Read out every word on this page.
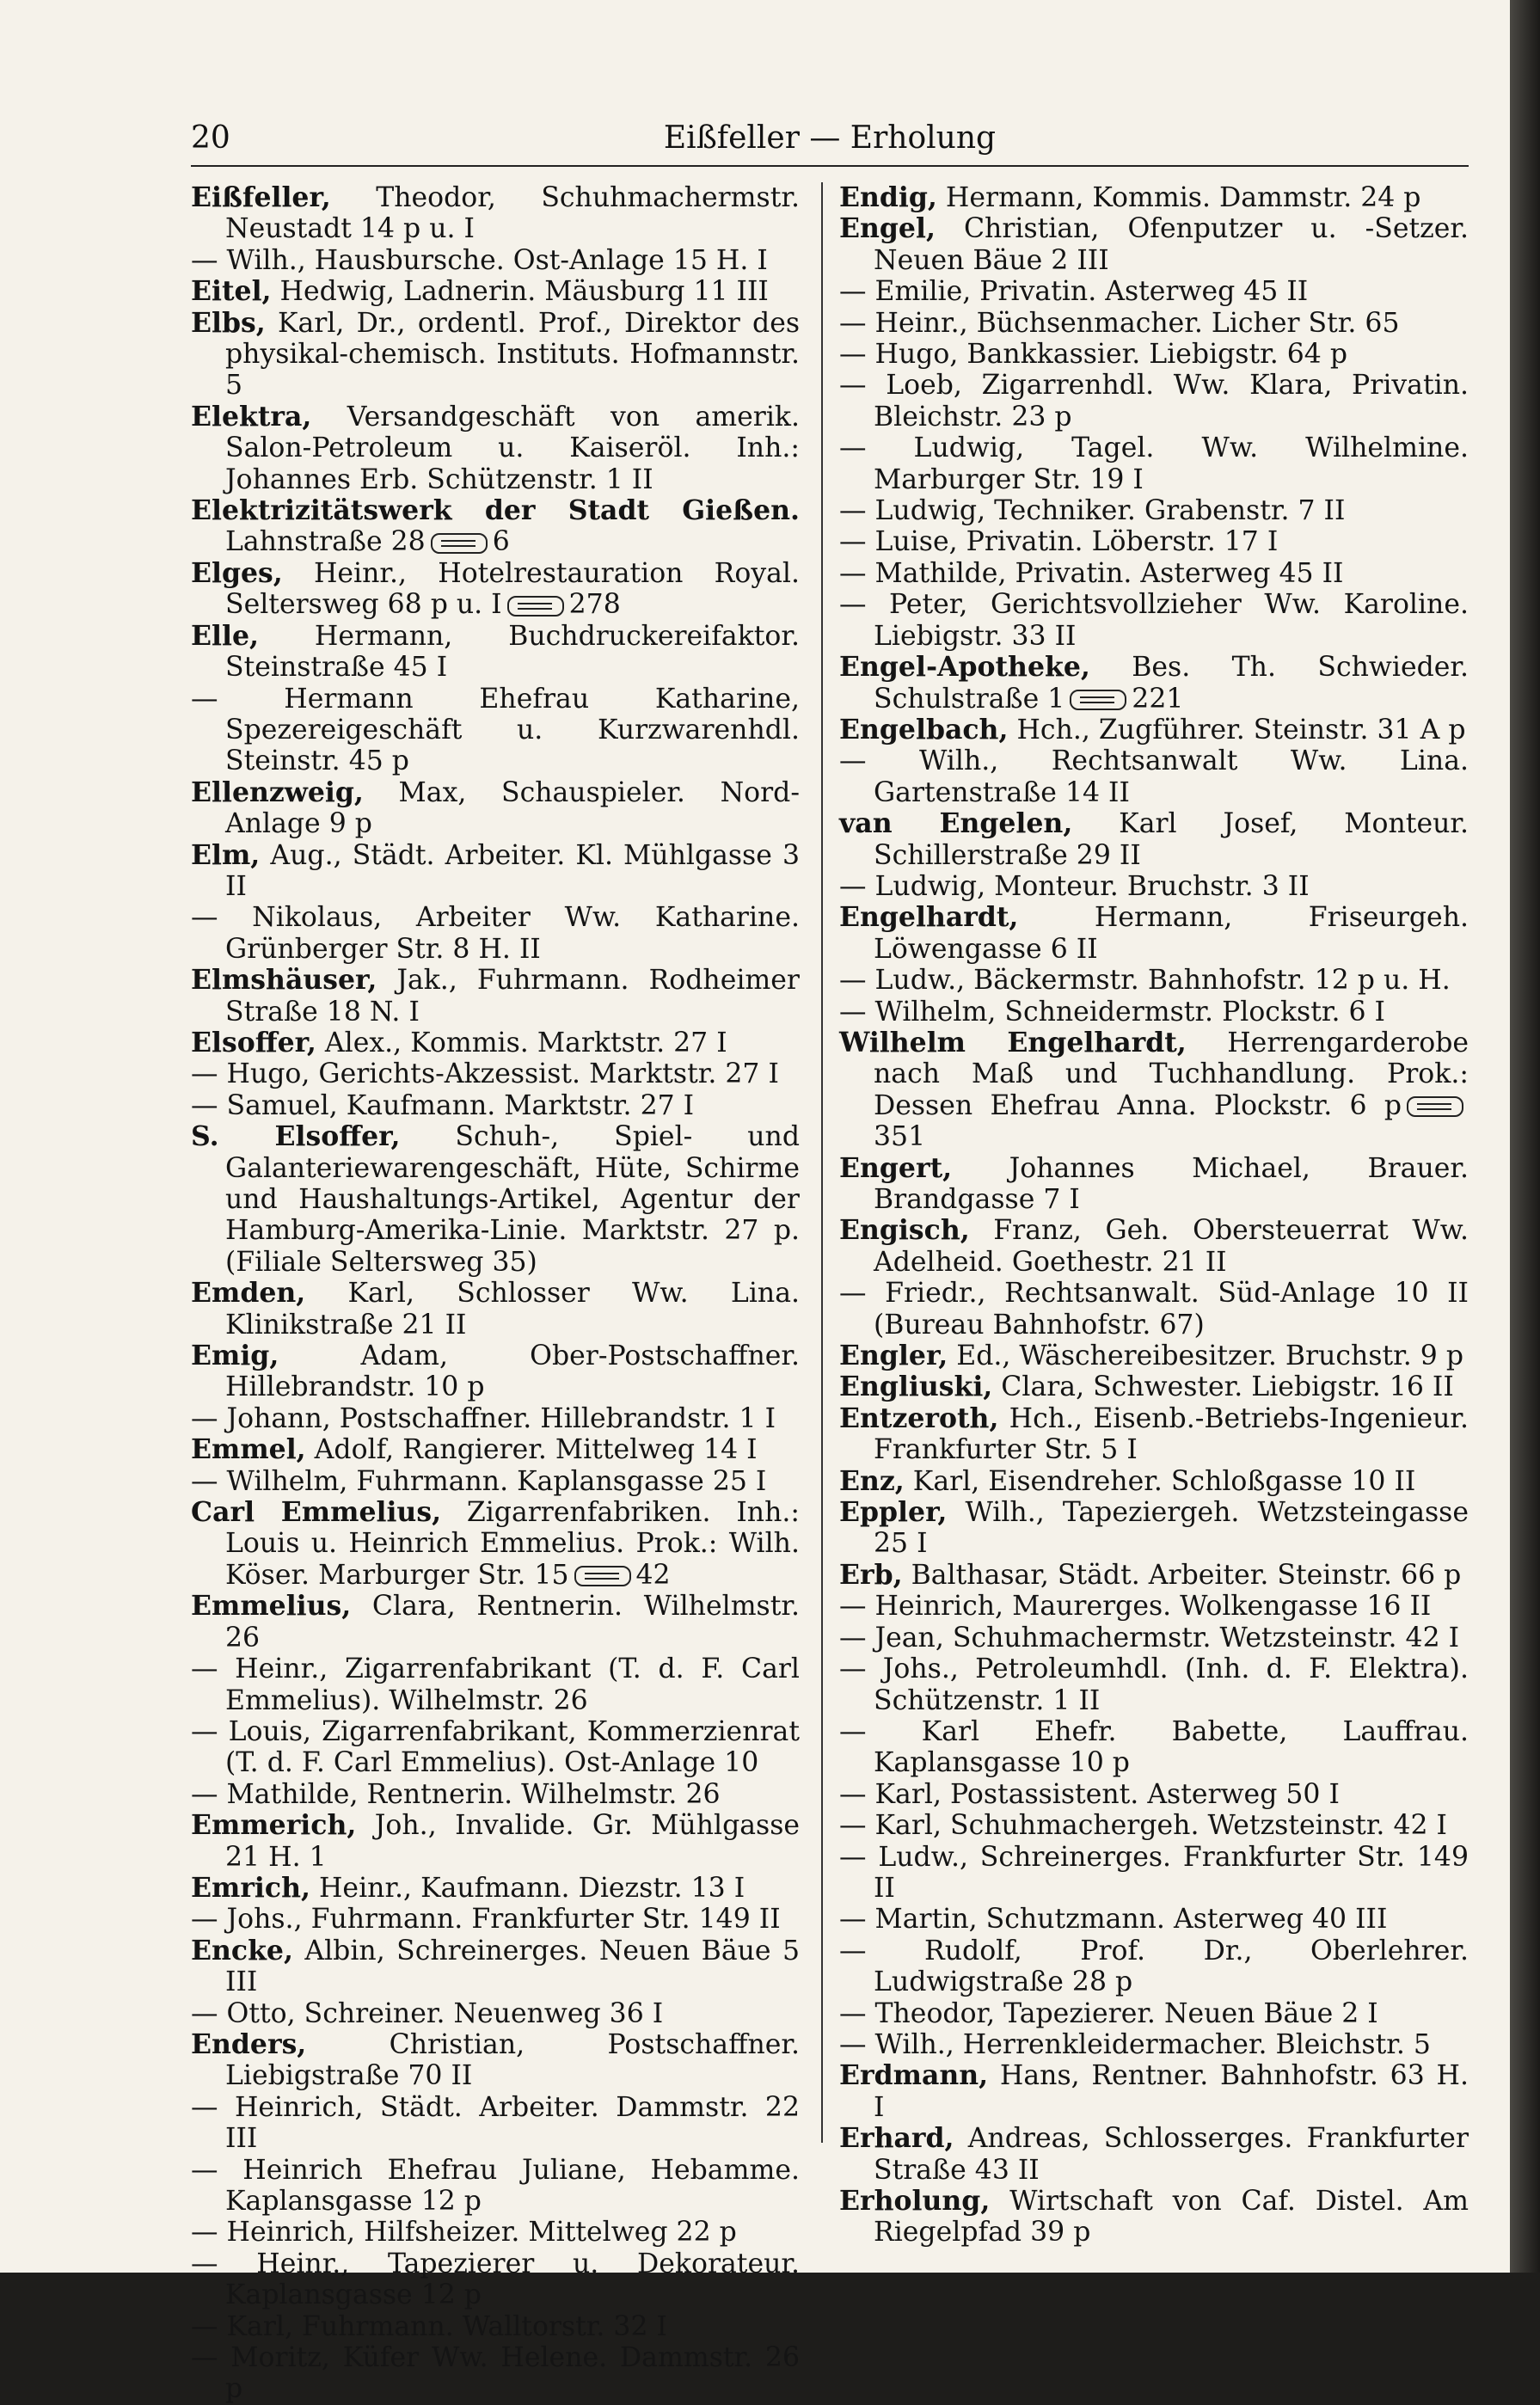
20	Eißfeller — Erholung

Eißfeller, Theodor, Schuhmachermstr. Neustadt 14 p u. I

— Wilh., Hausbursche. Ost-Anlage 15 H. I

Eitel, Hedwig, Ladnerin. Mäusburg 11 III

Elbs, Karl, Dr., ordentl. Prof., Direktor des physikal-chemisch. Instituts. Hofmannstr. 5

Elektra, Versandgeschäft von amerik. Salon-Petroleum u. Kaiseröl. Inh.: Johannes Erb. Schützenstr. 1 II

Elektrizitätswerk der Stadt Gießen. Lahnstraße 28 6

Elges, Heinr., Hotelrestauration Royal. Seltersweg 68 p u. I 278

Elle, Hermann, Buchdruckereifaktor. Steinstraße 45 I

— Hermann Ehefrau Katharine, Spezereigeschäft u. Kurzwarenhdl. Steinstr. 45 p

Ellenzweig, Max, Schauspieler. Nord-Anlage 9 p

Elm, Aug., Städt. Arbeiter. Kl. Mühlgasse 3 II

— Nikolaus, Arbeiter Ww. Katharine. Grünberger Str. 8 H. II

Elmshäuser, Jak., Fuhrmann. Rodheimer Straße 18 N. I

Elsoffer, Alex., Kommis. Marktstr. 27 I

— Hugo, Gerichts-Akzessist. Marktstr. 27 I

— Samuel, Kaufmann. Marktstr. 27 I

S. Elsoffer, Schuh-, Spiel- und Galanteriewarengeschäft, Hüte, Schirme und Haushaltungs-Artikel, Agentur der Hamburg-Amerika-Linie. Marktstr. 27 p. (Filiale Seltersweg 35)

Emden, Karl, Schlosser Ww. Lina. Klinikstraße 21 II

Emig, Adam, Ober-Postschaffner. Hillebrandstr. 10 p

— Johann, Postschaffner. Hillebrandstr. 1 I

Emmel, Adolf, Rangierer. Mittelweg 14 I

— Wilhelm, Fuhrmann. Kaplansgasse 25 I

Carl Emmelius, Zigarrenfabriken. Inh.: Louis u. Heinrich Emmelius. Prok.: Wilh. Köser. Marburger Str. 15 42

Emmelius, Clara, Rentnerin. Wilhelmstr. 26

— Heinr., Zigarrenfabrikant (T. d. F. Carl Emmelius). Wilhelmstr. 26

— Louis, Zigarrenfabrikant, Kommerzienrat (T. d. F. Carl Emmelius). Ost-Anlage 10

— Mathilde, Rentnerin. Wilhelmstr. 26

Emmerich, Joh., Invalide. Gr. Mühlgasse 21 H. 1

Emrich, Heinr., Kaufmann. Diezstr. 13 I

— Johs., Fuhrmann. Frankfurter Str. 149 II

Encke, Albin, Schreinerges. Neuen Bäue 5 III

— Otto, Schreiner. Neuenweg 36 I

Enders, Christian, Postschaffner. Liebigstraße 70 II

— Heinrich, Städt. Arbeiter. Dammstr. 22 III

— Heinrich Ehefrau Juliane, Hebamme. Kaplansgasse 12 p

— Heinrich, Hilfsheizer. Mittelweg 22 p

— Heinr., Tapezierer u. Dekorateur. Kaplansgasse 12 p

— Karl, Fuhrmann. Walltorstr. 32 I

— Moritz, Küfer Ww. Helene. Dammstr. 26 p

Endig, Hermann, Kommis. Dammstr. 24 p

Engel, Christian, Ofenputzer u. -Setzer. Neuen Bäue 2 III

— Emilie, Privatin. Asterweg 45 II

— Heinr., Büchsenmacher. Licher Str. 65

— Hugo, Bankkassier. Liebigstr. 64 p

— Loeb, Zigarrenhdl. Ww. Klara, Privatin. Bleichstr. 23 p

— Ludwig, Tagel. Ww. Wilhelmine. Marburger Str. 19 I

— Ludwig, Techniker. Grabenstr. 7 II

— Luise, Privatin. Löberstr. 17 I

— Mathilde, Privatin. Asterweg 45 II

— Peter, Gerichtsvollzieher Ww. Karoline. Liebigstr. 33 II

Engel-Apotheke, Bes. Th. Schwieder. Schulstraße 1 221

Engelbach, Hch., Zugführer. Steinstr. 31 A p

— Wilh., Rechtsanwalt Ww. Lina. Gartenstraße 14 II

van Engelen, Karl Josef, Monteur. Schillerstraße 29 II

— Ludwig, Monteur. Bruchstr. 3 II

Engelhardt, Hermann, Friseurgeh. Löwengasse 6 II

— Ludw., Bäckermstr. Bahnhofstr. 12 p u. H.

— Wilhelm, Schneidermstr. Plockstr. 6 I

Wilhelm Engelhardt, Herrengarderobe nach Maß und Tuchhandlung. Prok.: Dessen Ehefrau Anna. Plockstr. 6 p351

Engert, Johannes Michael, Brauer. Brandgasse 7 I

Engisch, Franz, Geh. Obersteuerrat Ww. Adelheid. Goethestr. 21 II

— Friedr., Rechtsanwalt. Süd-Anlage 10 II (Bureau Bahnhofstr. 67)

Engler, Ed., Wäschereibesitzer. Bruchstr. 9 p

Engliuski, Clara, Schwester. Liebigstr. 16 II

Entzeroth, Hch., Eisenb.-Betriebs-Ingenieur. Frankfurter Str. 5 I

Enz, Karl, Eisendreher. Schloßgasse 10 II

Eppler, Wilh., Tapeziergeh. Wetzsteingasse 25 I

Erb, Balthasar, Städt. Arbeiter. Steinstr. 66 p

— Heinrich, Maurerges. Wolkengasse 16 II

— Jean, Schuhmachermstr. Wetzsteinstr. 42 I

— Johs., Petroleumhdl. (Inh. d. F. Elektra). Schützenstr. 1 II

— Karl Ehefr. Babette, Lauffrau. Kaplansgasse 10 p

— Karl, Postassistent. Asterweg 50 I

— Karl, Schuhmachergeh. Wetzsteinstr. 42 I

— Ludw., Schreinerges. Frankfurter Str. 149 II

— Martin, Schutzmann. Asterweg 40 III

— Rudolf, Prof. Dr., Oberlehrer. Ludwigstraße 28 p

— Theodor, Tapezierer. Neuen Bäue 2 I

— Wilh., Herrenkleidermacher. Bleichstr. 5

Erdmann, Hans, Rentner. Bahnhofstr. 63 H. I

Erhard, Andreas, Schlosserges. Frankfurter Straße 43 II

Erholung, Wirtschaft von Caf. Distel. Am Riegelpfad 39 p
